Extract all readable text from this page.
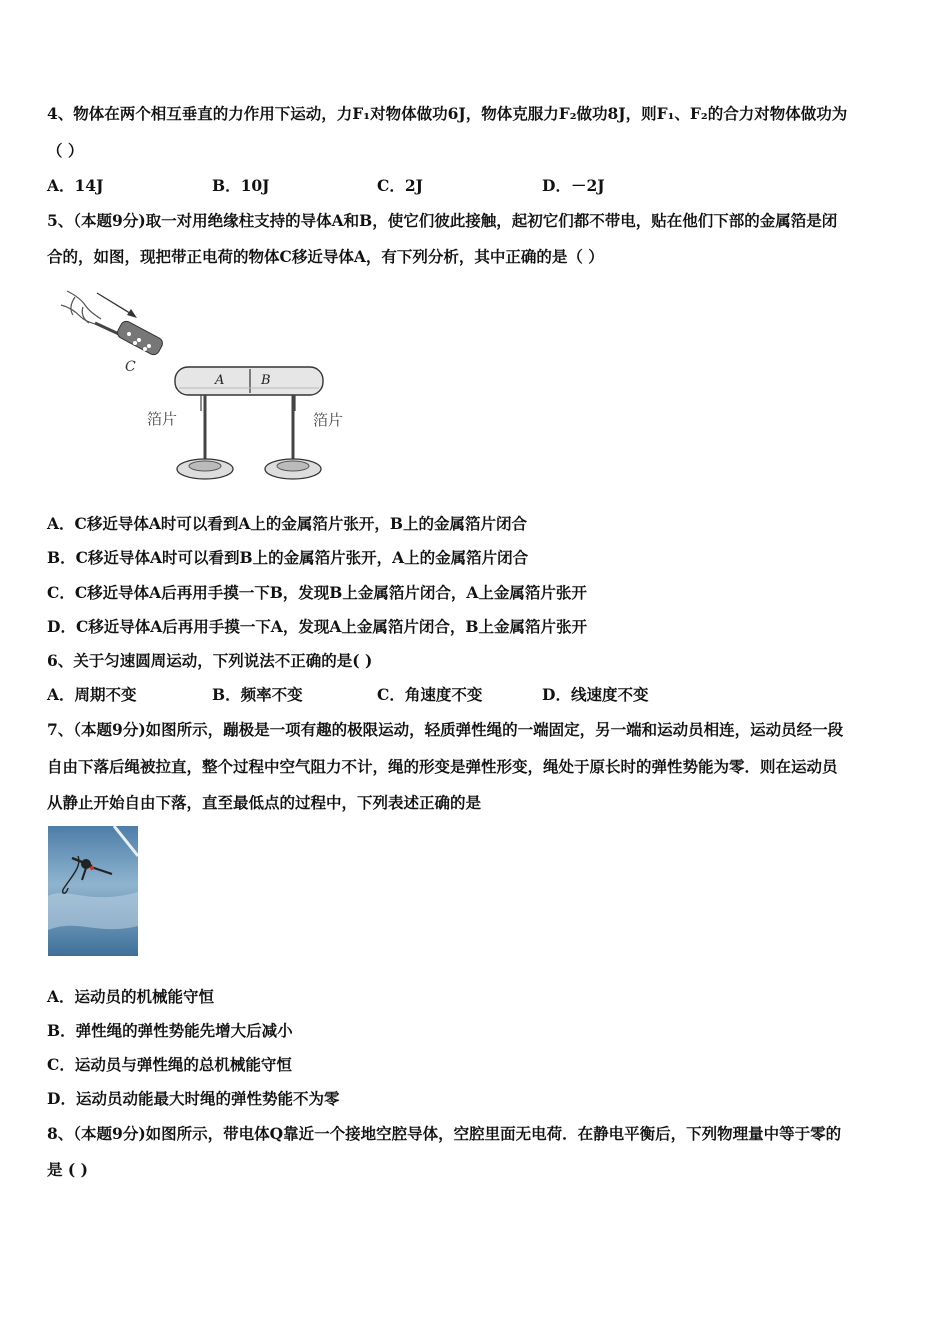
4、物体在两个相互垂直的力作用下运动，力F₁对物体做功6J，物体克服力F₂做功8J，则F₁、F₂的合力对物体做功为
（ ）
A．14J	B．10J	C．2J	D．－2J
5、（本题9分)取一对用绝缘柱支持的导体A和B，使它们彼此接触，起初它们都不带电，贴在他们下部的金属箔是闭
合的，如图，现把带正电荷的物体C移近导体A，有下列分析，其中正确的是（ ）
C
A	B
箔片	箔片
A．C移近导体A时可以看到A上的金属箔片张开，B上的金属箔片闭合
B．C移近导体A时可以看到B上的金属箔片张开，A上的金属箔片闭合
C．C移近导体A后再用手摸一下B，发现B上金属箔片闭合，A上金属箔片张开
D．C移近导体A后再用手摸一下A，发现A上金属箔片闭合，B上金属箔片张开
6、关于匀速圆周运动，下列说法不正确的是( )
A．周期不变	B．频率不变	C．角速度不变	D．线速度不变
7、（本题9分)如图所示，蹦极是一项有趣的极限运动，轻质弹性绳的一端固定，另一端和运动员相连，运动员经一段
自由下落后绳被拉直，整个过程中空气阻力不计，绳的形变是弹性形变，绳处于原长时的弹性势能为零．则在运动员
从静止开始自由下落，直至最低点的过程中，下列表述正确的是
A．运动员的机械能守恒
B．弹性绳的弹性势能先增大后减小
C．运动员与弹性绳的总机械能守恒
D．运动员动能最大时绳的弹性势能不为零
8、（本题9分)如图所示，带电体Q靠近一个接地空腔导体，空腔里面无电荷．在静电平衡后，下列物理量中等于零的
是 ( )
